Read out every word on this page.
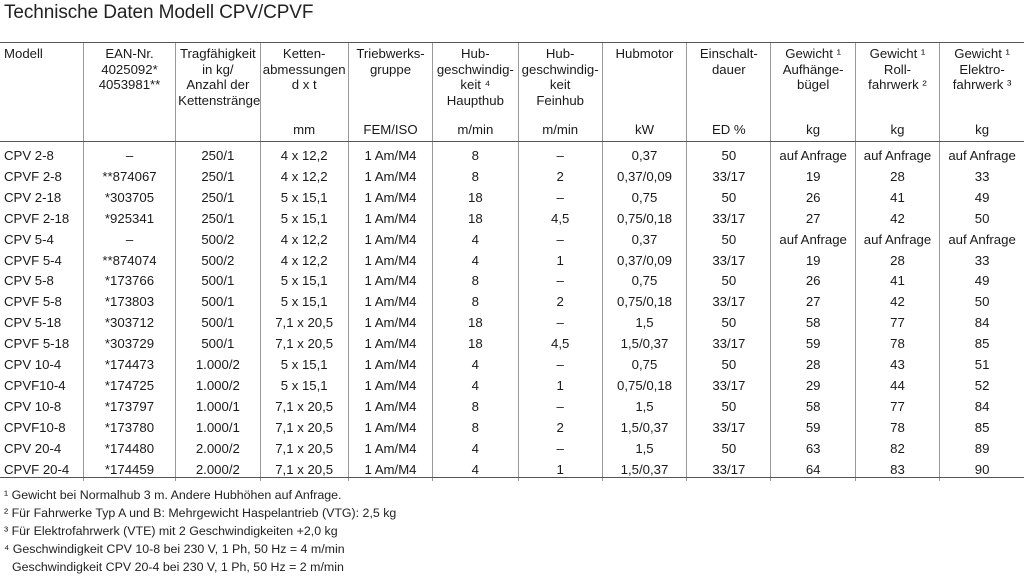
Technische Daten Modell CPV/CPVF
Modell	EAN-Nr.
4025092*
4053981**	Tragfähigkeit
in kg/
Anzahl der
Kettenstränge	Ketten-
abmessungen
d x t
mm	Triebwerks-
gruppe
FEM/ISO	Hub-
geschwindig-
keit ⁴
Haupthub
m/min	Hub-
geschwindig-
keit
Feinhub
m/min	Hubmotor
kW	Einschalt-
dauer
ED %	Gewicht ¹
Aufhänge-
bügel
kg	Gewicht ¹
Roll-
fahrwerk ²
kg	Gewicht ¹
Elektro-
fahrwerk ³
kg

CPV 2-8	–	250/1	4 x 12,2	1 Am/M4	8	–	0,37	50	auf Anfrage	auf Anfrage	auf Anfrage
CPVF 2-8	**874067	250/1	4 x 12,2	1 Am/M4	8	2	0,37/0,09	33/17	19	28	33
CPV 2-18	*303705	250/1	5 x 15,1	1 Am/M4	18	–	0,75	50	26	41	49
CPVF 2-18	*925341	250/1	5 x 15,1	1 Am/M4	18	4,5	0,75/0,18	33/17	27	42	50
CPV 5-4	–	500/2	4 x 12,2	1 Am/M4	4	–	0,37	50	auf Anfrage	auf Anfrage	auf Anfrage
CPVF 5-4	**874074	500/2	4 x 12,2	1 Am/M4	4	1	0,37/0,09	33/17	19	28	33
CPV 5-8	*173766	500/1	5 x 15,1	1 Am/M4	8	–	0,75	50	26	41	49
CPVF 5-8	*173803	500/1	5 x 15,1	1 Am/M4	8	2	0,75/0,18	33/17	27	42	50
CPV 5-18	*303712	500/1	7,1 x 20,5	1 Am/M4	18	–	1,5	50	58	77	84
CPVF 5-18	*303729	500/1	7,1 x 20,5	1 Am/M4	18	4,5	1,5/0,37	33/17	59	78	85
CPV 10-4	*174473	1.000/2	5 x 15,1	1 Am/M4	4	–	0,75	50	28	43	51
CPVF10-4	*174725	1.000/2	5 x 15,1	1 Am/M4	4	1	0,75/0,18	33/17	29	44	52
CPV 10-8	*173797	1.000/1	7,1 x 20,5	1 Am/M4	8	–	1,5	50	58	77	84
CPVF10-8	*173780	1.000/1	7,1 x 20,5	1 Am/M4	8	2	1,5/0,37	33/17	59	78	85
CPV 20-4	*174480	2.000/2	7,1 x 20,5	1 Am/M4	4	–	1,5	50	63	82	89
CPVF 20-4	*174459	2.000/2	7,1 x 20,5	1 Am/M4	4	1	1,5/0,37	33/17	64	83	90
¹ Gewicht bei Normalhub 3 m. Andere Hubhöhen auf Anfrage.
² Für Fahrwerke Typ A und B: Mehrgewicht Haspelantrieb (VTG): 2,5 kg
³ Für Elektrofahrwerk (VTE) mit 2 Geschwindigkeiten +2,0 kg
⁴ Geschwindigkeit CPV 10-8 bei 230 V, 1 Ph, 50 Hz = 4 m/min
Geschwindigkeit CPV 20-4 bei 230 V, 1 Ph, 50 Hz = 2 m/min
